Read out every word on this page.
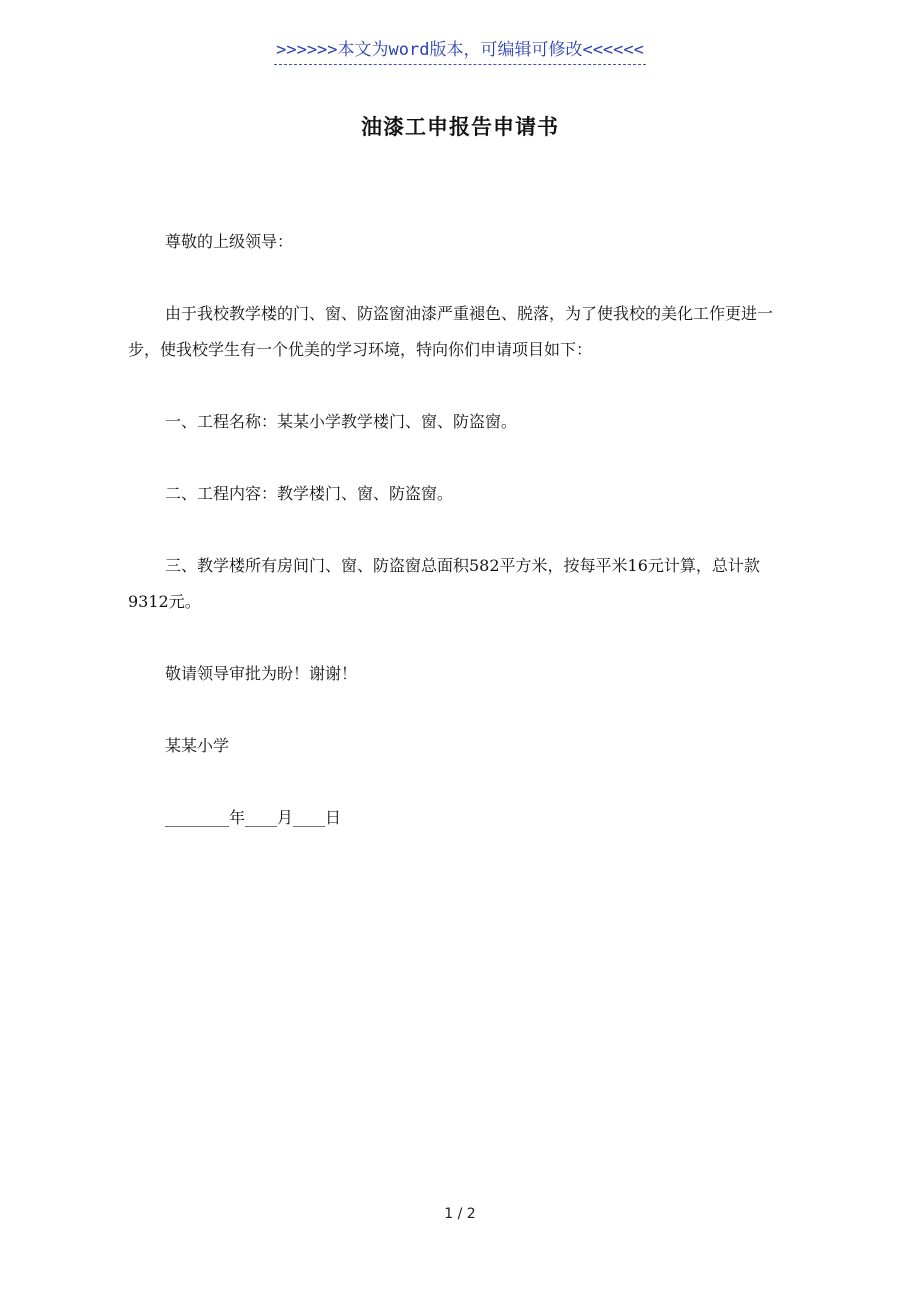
>>>>>>本文为word版本，可编辑可修改<<<<<<
油漆工申报告申请书

尊敬的上级领导：

由于我校教学楼的门、窗、防盗窗油漆严重褪色、脱落，为了使我校的美化工作更进一步，使我校学生有一个优美的学习环境，特向你们申请项目如下：

一、工程名称：某某小学教学楼门、窗、防盗窗。

二、工程内容：教学楼门、窗、防盗窗。

三、教学楼所有房间门、窗、防盗窗总面积582平方米，按每平米16元计算，总计款9312元。

敬请领导审批为盼！谢谢！

某某小学

________年____月____日

1 / 2
